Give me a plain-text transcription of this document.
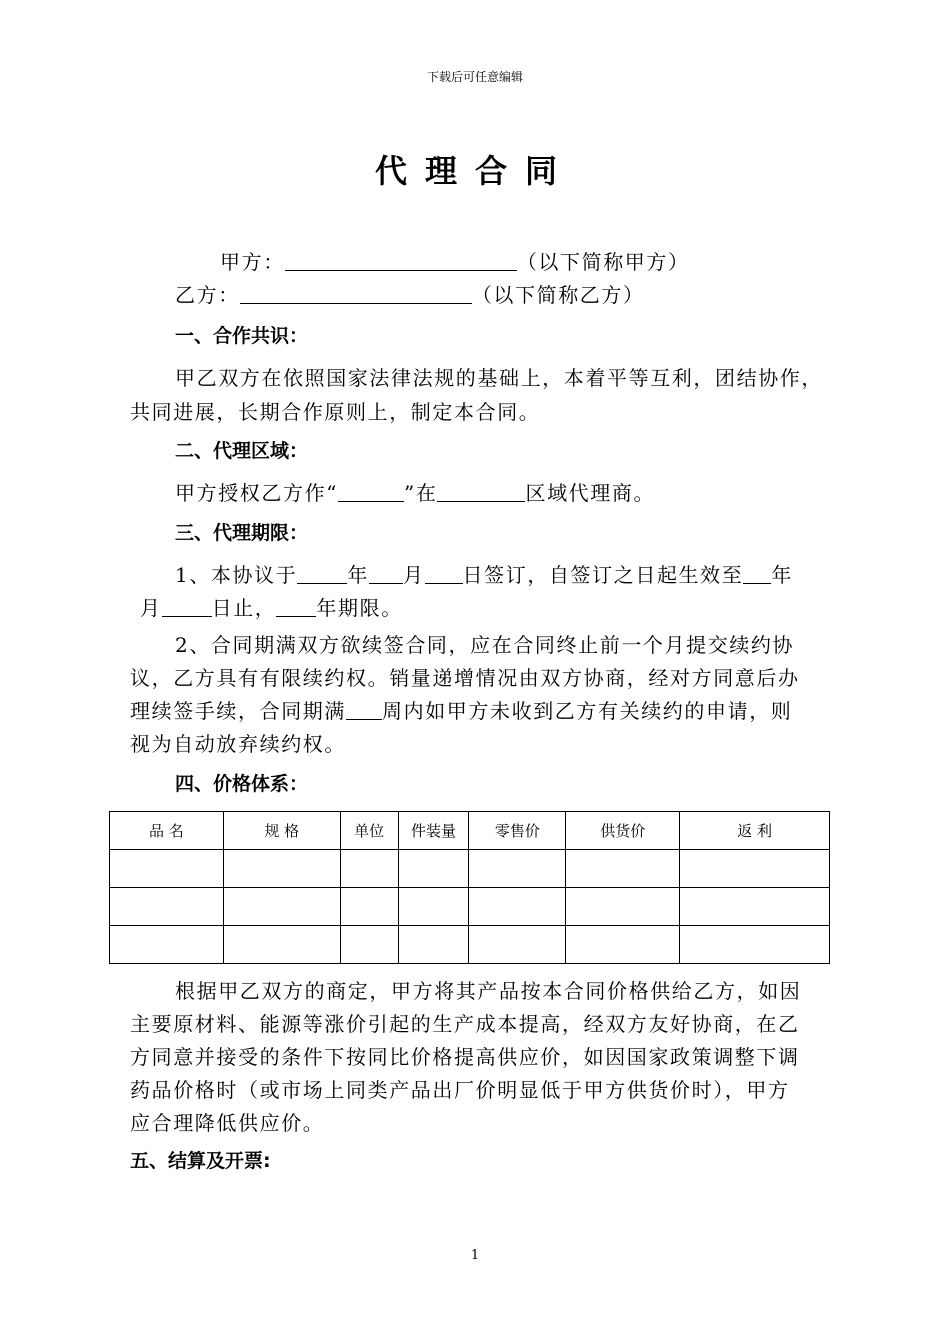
下载后可任意编辑
代理合同
甲方：	（以下简称甲方）
乙方：	（以下简称乙方）
一、合作共识：
甲乙双方在依照国家法律法规的基础上，本着平等互利，团结协作，
共同进展，长期合作原则上，制定本合同。
二、代理区域：
甲方授权乙方作“	”在	区域代理商。
三、代理期限：
1、本协议于	年 月 日签订，自签订之日起生效至 年
月	日止， 年期限。
2、合同期满双方欲续签合同，应在合同终止前一个月提交续约协
议，乙方具有有限续约权。销量递增情况由双方协商，经对方同意后办
理续签手续，合同期满 周内如甲方未收到乙方有关续约的申请，则
视为自动放弃续约权。
四、价格体系：
品 名	规 格	单位	件装量	零售价	供货价	返 利

根据甲乙双方的商定，甲方将其产品按本合同价格供给乙方，如因
主要原材料、能源等涨价引起的生产成本提高，经双方友好协商，在乙
方同意并接受的条件下按同比价格提高供应价，如因国家政策调整下调
药品价格时（或市场上同类产品出厂价明显低于甲方供货价时），甲方
应合理降低供应价。
五、结算及开票:
1
